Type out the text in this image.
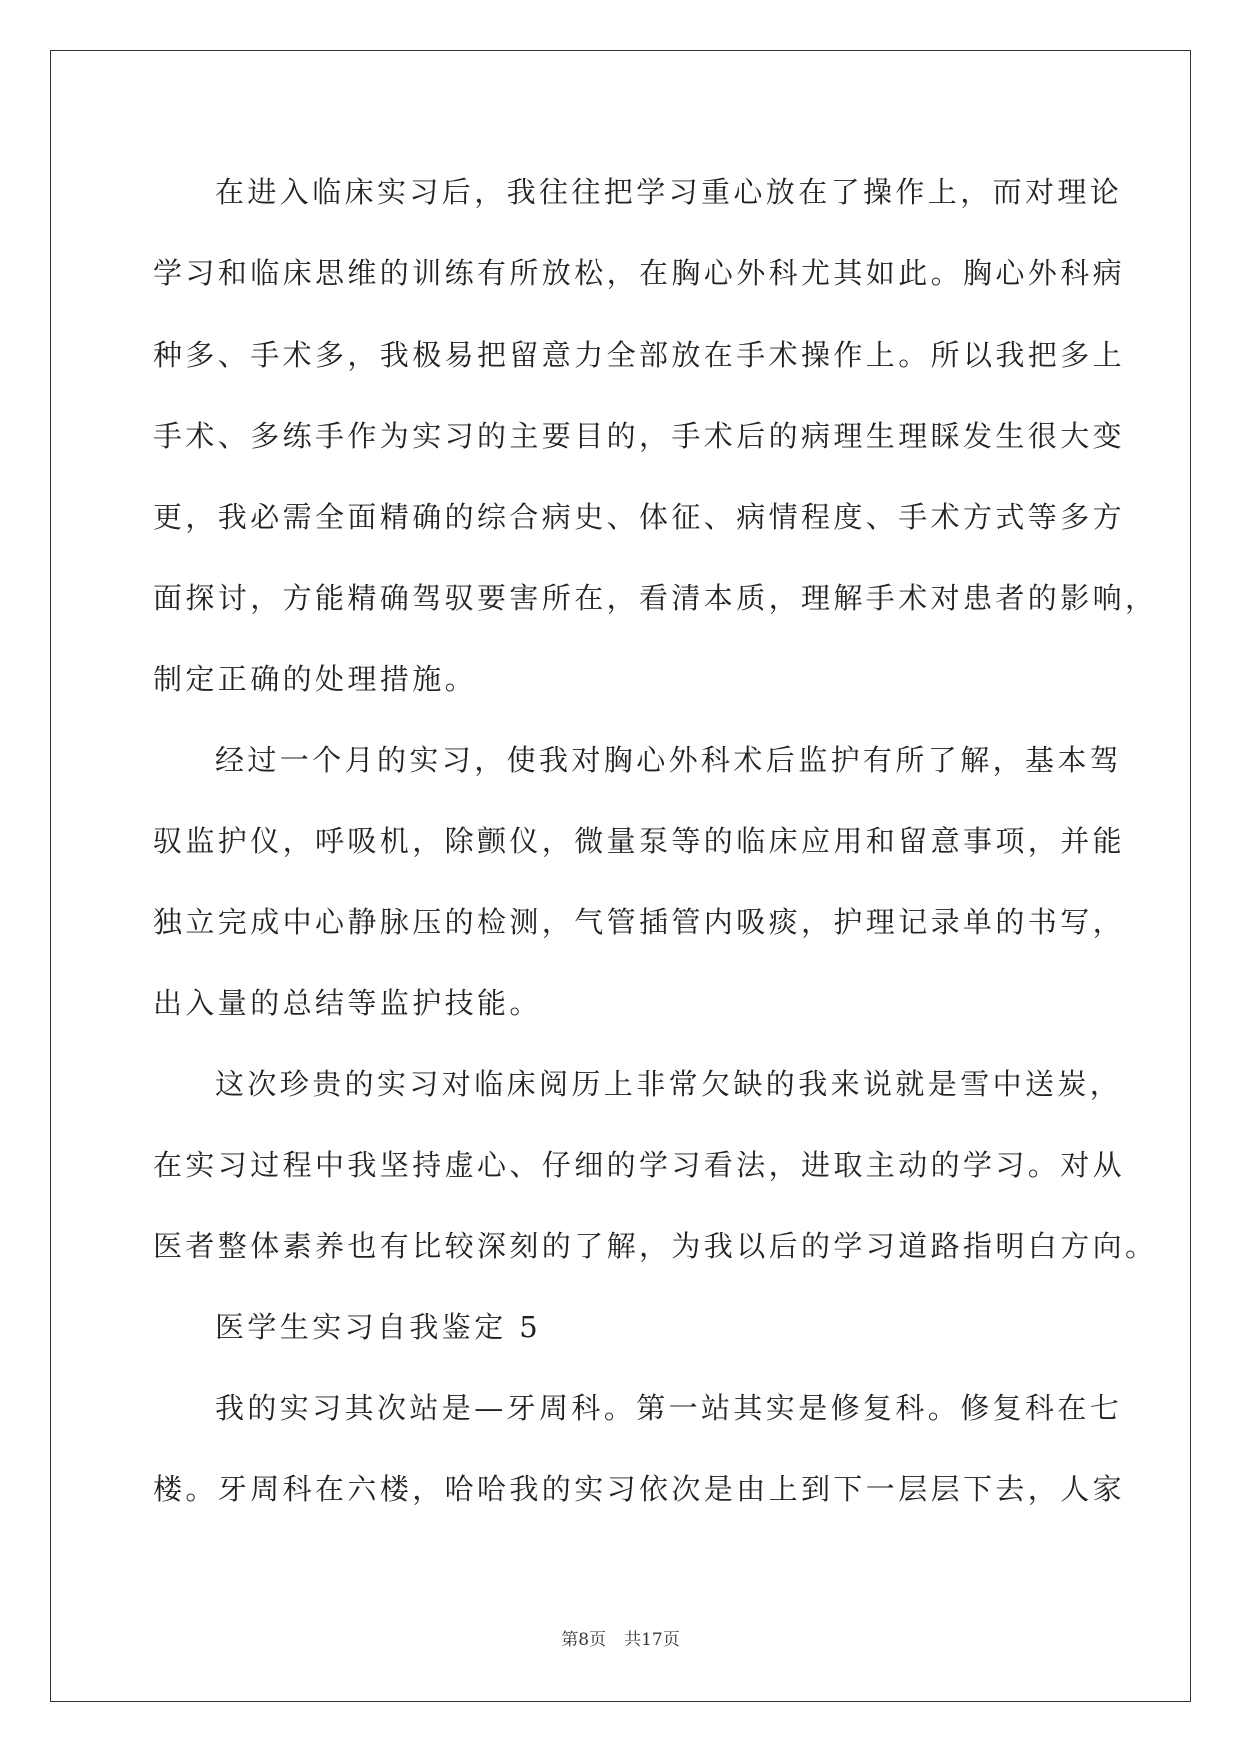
在进入临床实习后，我往往把学习重心放在了操作上，而对理论
学习和临床思维的训练有所放松，在胸心外科尤其如此。胸心外科病
种多、手术多，我极易把留意力全部放在手术操作上。所以我把多上
手术、多练手作为实习的主要目的，手术后的病理生理睬发生很大变
更，我必需全面精确的综合病史、体征、病情程度、手术方式等多方
面探讨，方能精确驾驭要害所在，看清本质，理解手术对患者的影响，
制定正确的处理措施。
经过一个月的实习，使我对胸心外科术后监护有所了解，基本驾
驭监护仪，呼吸机，除颤仪，微量泵等的临床应用和留意事项，并能
独立完成中心静脉压的检测，气管插管内吸痰，护理记录单的书写，
出入量的总结等监护技能。
这次珍贵的实习对临床阅历上非常欠缺的我来说就是雪中送炭，
在实习过程中我坚持虚心、仔细的学习看法，进取主动的学习。对从
医者整体素养也有比较深刻的了解，为我以后的学习道路指明白方向。
医学生实习自我鉴定 5
我的实习其次站是—牙周科。第一站其实是修复科。修复科在七
楼。牙周科在六楼，哈哈我的实习依次是由上到下一层层下去，人家
第8页 共17页
